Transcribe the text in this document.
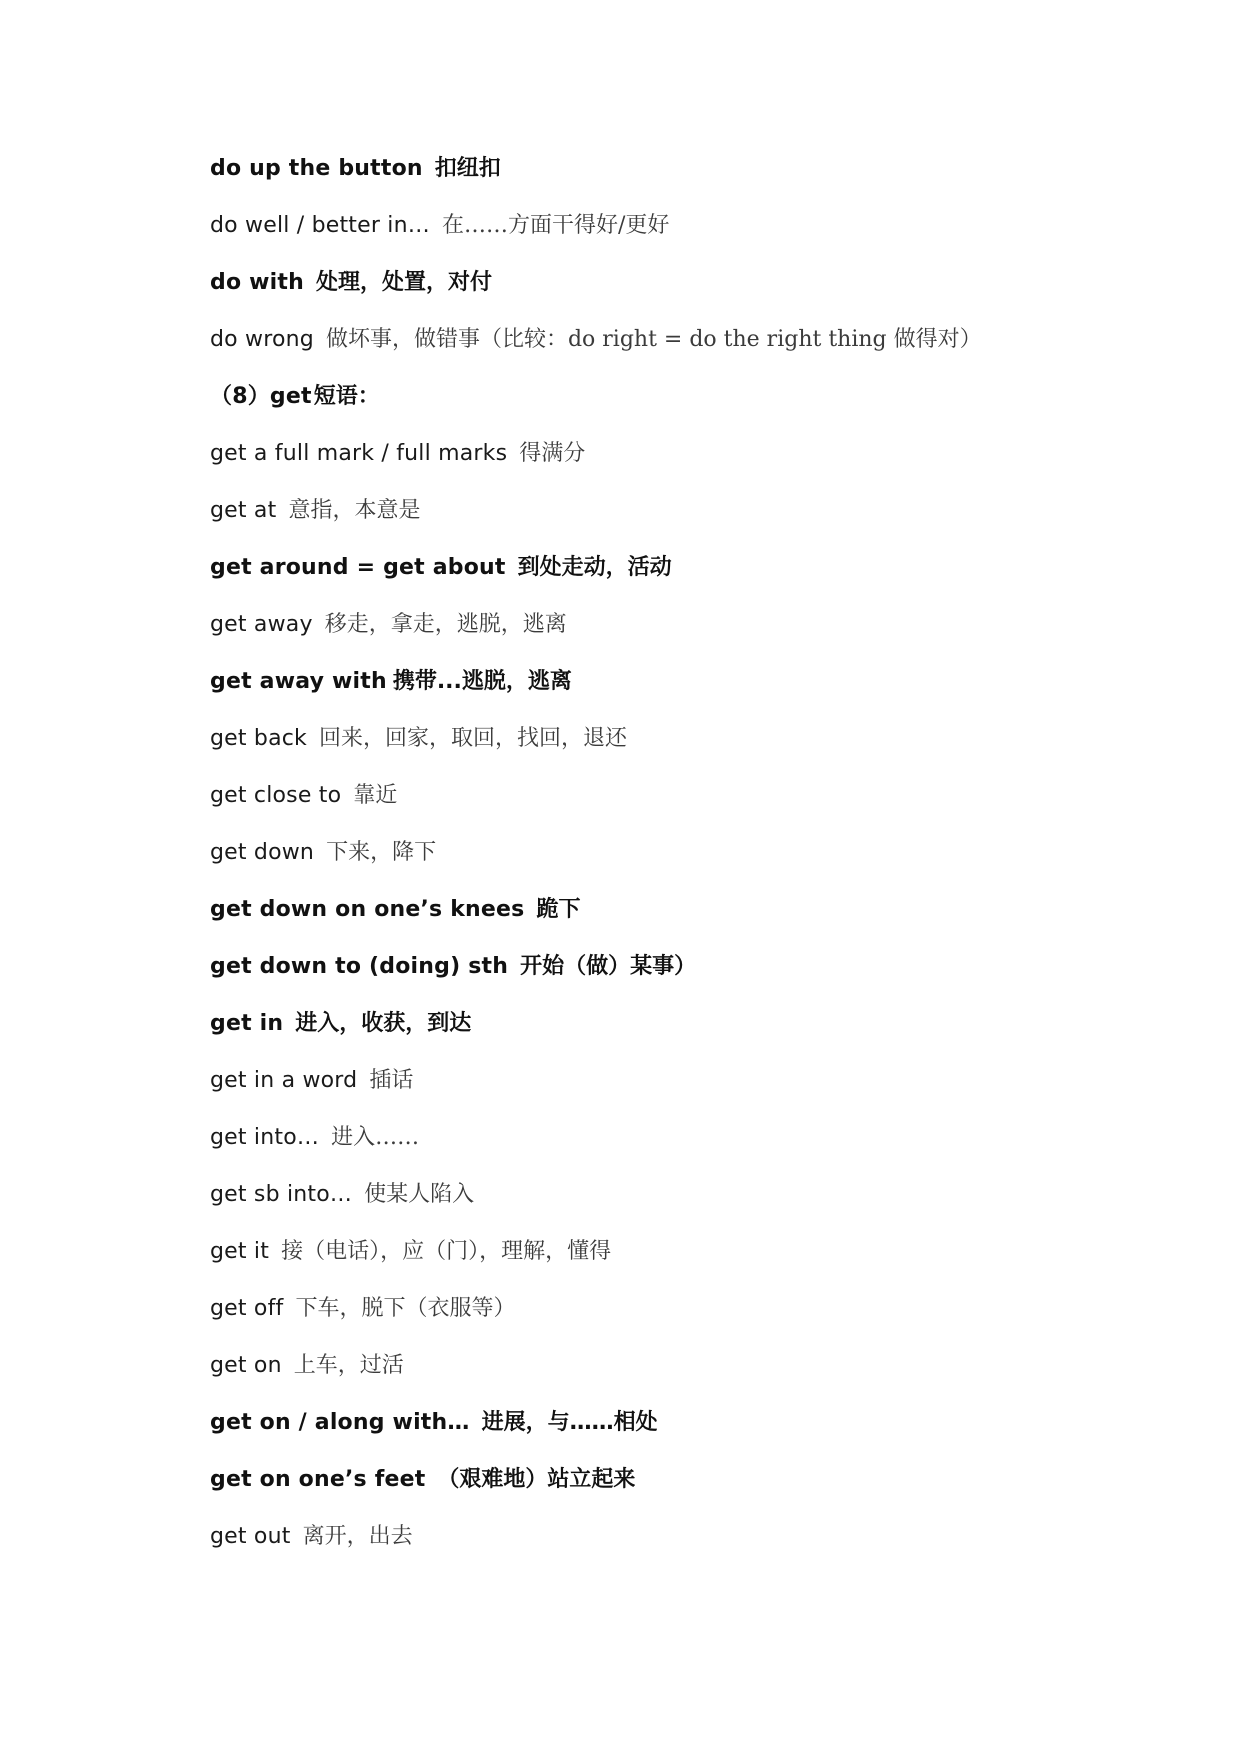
do up the button 扣纽扣
do well / better in… 在……方面干得好/更好
do with 处理，处置，对付
do wrong 做坏事，做错事（比较：do right = do the right thing 做得对）
（8）get短语：
get a full mark / full marks 得满分
get at 意指，本意是
get around = get about 到处走动，活动
get away 移走，拿走，逃脱，逃离
get away with 携带...逃脱，逃离
get back 回来，回家，取回，找回，退还
get close to 靠近
get down 下来，降下
get down on one’s knees 跪下
get down to (doing) sth 开始（做）某事）
get in 进入，收获，到达
get in a word 插话
get into… 进入……
get sb into… 使某人陷入
get it 接（电话），应（门），理解，懂得
get off 下车，脱下（衣服等）
get on 上车，过活
get on / along with… 进展，与……相处
get on one’s feet （艰难地）站立起来
get out 离开，出去
